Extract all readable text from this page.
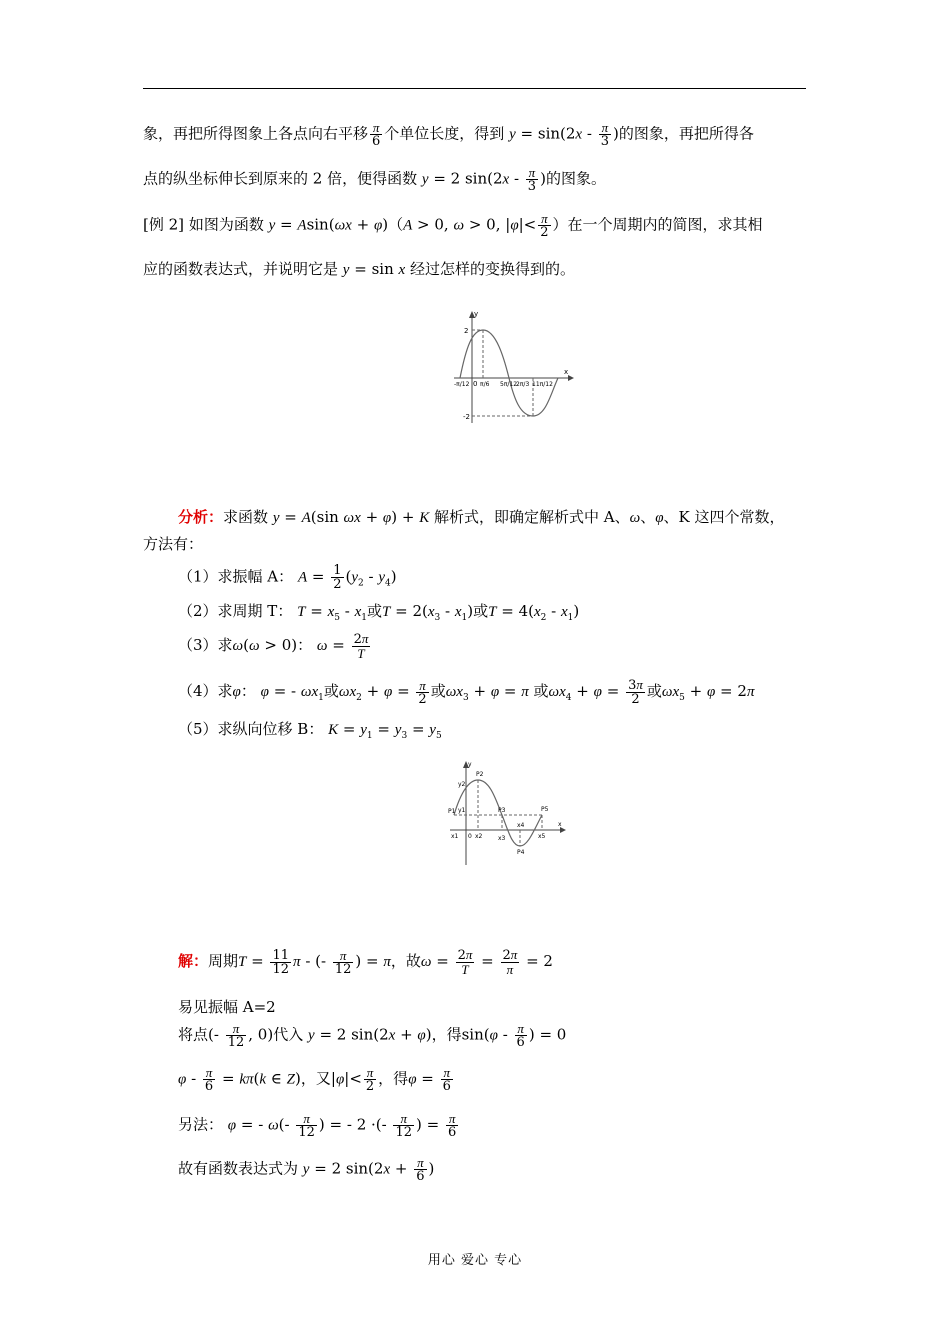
象，再把所得图象上各点向右平移 $\frac{\pi}{6}$ 个单位长度，得到 $y = \sin(2x - \frac{\pi}{3}$ )的图象，再把所得各
点的纵坐标伸长到原来的 2 倍，便得函数 y = 2 $\sin(2x - \frac{\pi}{3}$ )的图象。
[例 2] 如图为函数 y = Asin(ωx + φ)（A > 0, ω > 0, $|\varphi|< \frac{\pi}{2}$ ）在一个周期内的简图，求其相
应的函数表达式，并说明它是 y = sin x 经过怎样的变换得到的。
y
x
2
-2
0
-π/12 π/6 5π/12
2π/3 11π/12
分析：求函数 y = A(sin ωx + φ) + K 解析式，即确定解析式中 A、ω、φ、K 这四个常数，
方法有：
（1）求振幅 A： $A = \frac{1}{2} (y_2 - y_4)$
（2）求周期 T： $T = x_5 - x_1$或$T = 2(x_3 - x_1)$或$T = 4(x_2 - x_1)$
（3）求ω(ω > 0)： $\omega = \frac{2\pi}{T}$
（4）求φ： φ = - $\omega x_1$或$\omega x_2 + \varphi = \frac{\pi}{2}$ 或$\omega x_3 + \varphi = \pi$ 或$\omega x_4 + \varphi = \frac{3\pi}{2}$ 或$\omega x_5 + \varphi = 2\pi$
（5）求纵向位移 B： $K = y_1 = y_3 = y_5$
y
x
P2
y2
P1 y1	P3	P5
x4
P4
0
x1	x2	x3	x5
解：周期$T = \frac{11}{12}$ π - (- $\frac{\pi}{12}$ ) = π，故$\omega = \frac{2\pi}{T} = \frac{2\pi}{\pi} = 2$
易见振幅 A=2
将点(- $\frac{\pi}{12}$ , 0)代入 y = 2 sin(2x + φ)，得$\sin(\varphi - \frac{\pi}{6}$ ) = 0
$\varphi - \frac{\pi}{6} = k\pi(k$ ∈ Z)，又$|\varphi|< \frac{\pi}{2}$ ，得$\varphi = \frac{\pi}{6}$
另法： φ = - $\omega(- \frac{\pi}{12}$ ) = - 2 ·(- $\frac{\pi}{12}$ ) = $\frac{\pi}{6}$
故有函数表达式为 y = 2 $\sin(2x + \frac{\pi}{6}$ )
用心 爱心 专心
